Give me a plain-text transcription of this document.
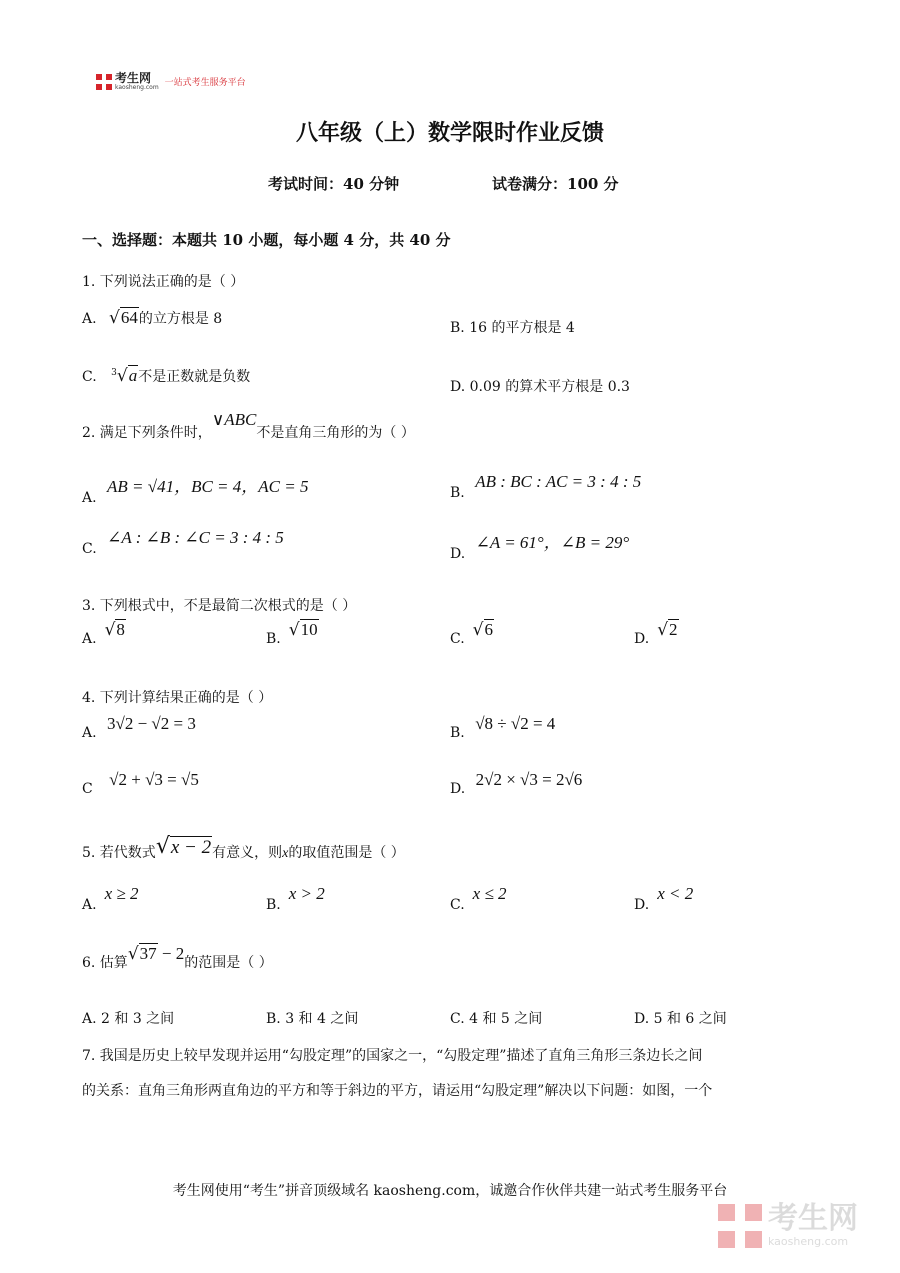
考生网
kaosheng.com 一站式考生服务平台
八年级（上）数学限时作业反馈
考试时间：40 分钟	试卷满分：100 分
一、选择题：本题共 10 小题，每小题 4 分，共 40 分
1. 下列说法正确的是（ ）
A. √64的立方根是 8
B. 16 的平方根是 4
C. $^3$√a不是正数就是负数
D. 0.09 的算术平方根是 0.3
2. 满足下列条件时，∨ABC不是直角三角形的为（ ）
A. AB = √41，BC = 4，AC = 5	B. AB : BC : AC = 3 : 4 : 5
C. ∠A : ∠B : ∠C = 3 : 4 : 5
D. ∠A = 61°，∠B = 29°
3. 下列根式中，不是最简二次根式的是（ ）
A. √8	B. √10	C. √6	D. √2
4. 下列计算结果正确的是（ ）
A. 3√2 − √2 = 3	B. √8 ÷ √2 = 4
C √2 + √3 = √5	D. 2√2 × √3 = 2√6
5. 若代数式√x − 2有意义，则x的取值范围是（ ）
A.x ≥ 2
B.x > 2
C.x ≤ 2
D.x < 2
6. 估算√37 − 2的范围是（ ）
A. 2 和 3 之间	B. 3 和 4 之间	C. 4 和 5 之间	D. 5 和 6 之间
7. 我国是历史上较早发现并运用“勾股定理”的国家之一，“勾股定理”描述了直角三角形三条边长之间
的关系：直角三角形两直角边的平方和等于斜边的平方，请运用“勾股定理”解决以下问题：如图，一个
考生网使用“考生”拼音顶级域名 kaosheng.com，诚邀合作伙伴共建一站式考生服务平台
考生网
kaosheng.com
